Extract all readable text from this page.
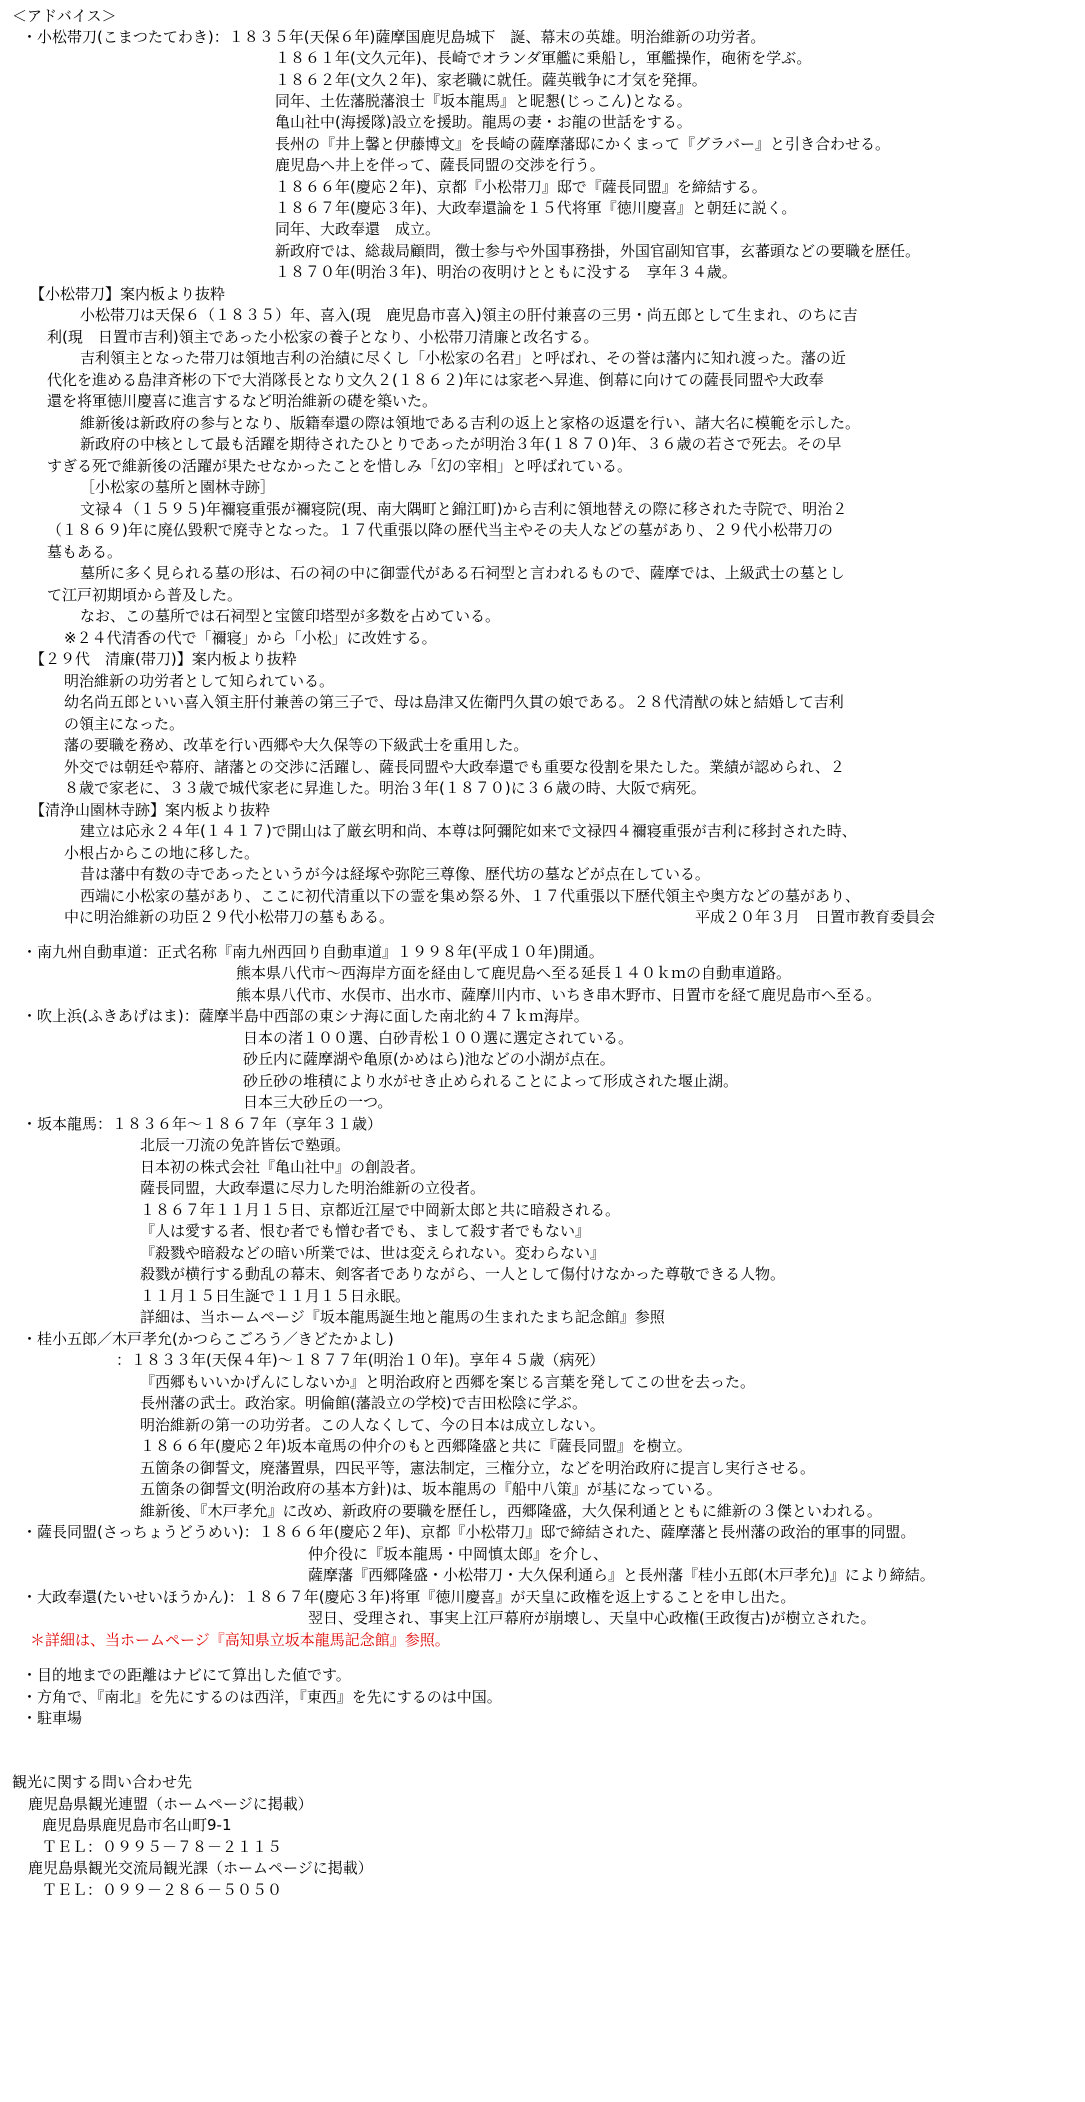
＜アドバイス＞
・小松帯刀(こまつたてわき)：１８３５年(天保６年)薩摩国鹿児島城下　誕、幕末の英雄。明治維新の功労者。
１８６１年(文久元年)、長崎でオランダ軍艦に乗船し，軍艦操作，砲術を学ぶ。
１８６２年(文久２年)、家老職に就任。薩英戦争に才気を発揮。
同年、土佐藩脱藩浪士『坂本龍馬』と昵懇(じっこん)となる。
亀山社中(海援隊)設立を援助。龍馬の妻・お龍の世話をする。
長州の『井上馨と伊藤博文』を長崎の薩摩藩邸にかくまって『グラバー』と引き合わせる。
鹿児島へ井上を伴って、薩長同盟の交渉を行う。
１８６６年(慶応２年)、京都『小松帯刀』邸で『薩長同盟』を締結する。
１８６７年(慶応３年)、大政奉還論を１５代将軍『徳川慶喜』と朝廷に説く。
同年、大政奉還　成立。
新政府では、総裁局顧問，徴士参与や外国事務掛，外国官副知官事，玄蕃頭などの要職を歴任。
１８７０年(明治３年)、明治の夜明けとともに没する　享年３４歳。
【小松帯刀】案内板より抜粋
小松帯刀は天保６（１８３５）年、喜入(現　鹿児島市喜入)領主の肝付兼喜の三男・尚五郎として生まれ、のちに吉
利(現　日置市吉利)領主であった小松家の養子となり、小松帯刀清廉と改名する。
吉利領主となった帯刀は領地吉利の治績に尽くし「小松家の名君」と呼ばれ、その誉は藩内に知れ渡った。藩の近
代化を進める島津斉彬の下で大消隊長となり文久２(１８６２)年には家老へ昇進、倒幕に向けての薩長同盟や大政奉
還を将軍徳川慶喜に進言するなど明治維新の礎を築いた。
維新後は新政府の参与となり、版籍奉還の際は領地である吉利の返上と家格の返還を行い、諸大名に模範を示した。
新政府の中核として最も活躍を期待されたひとりであったが明治３年(１８７０)年、３６歳の若さで死去。その早
すぎる死で維新後の活躍が果たせなかったことを惜しみ「幻の宰相」と呼ばれている。
［小松家の墓所と園林寺跡］
文禄４（１５９５)年禰寝重張が禰寝院(現、南大隅町と錦江町)から吉利に領地替えの際に移された寺院で、明治２
（１８６９)年に廃仏毀釈で廃寺となった。１７代重張以降の歴代当主やその夫人などの墓があり、２９代小松帯刀の
墓もある。
墓所に多く見られる墓の形は、石の祠の中に御霊代がある石祠型と言われるもので、薩摩では、上級武士の墓とし
て江戸初期頃から普及した。
なお、この墓所では石祠型と宝篋印塔型が多数を占めている。
※２４代清香の代で「禰寝」から「小松」に改姓する。
【２９代　清廉(帯刀)】案内板より抜粋
明治維新の功労者として知られている。
幼名尚五郎といい喜入領主肝付兼善の第三子で、母は島津又佐衛門久貫の娘である。２８代清猷の妹と結婚して吉利
の領主になった。
藩の要職を務め、改革を行い西郷や大久保等の下級武士を重用した。
外交では朝廷や幕府、諸藩との交渉に活躍し、薩長同盟や大政奉還でも重要な役割を果たした。業績が認められ、２
８歳で家老に、３３歳で城代家老に昇進した。明治３年(１８７０)に３６歳の時、大阪で病死。
【清浄山園林寺跡】案内板より抜粋
建立は応永２４年(１４１７)で開山は了厳玄明和尚、本尊は阿彌陀如来で文禄四４禰寝重張が吉利に移封された時、
小根占からこの地に移した。
昔は藩中有数の寺であったというが今は経塚や弥陀三尊像、歴代坊の墓などが点在している。
西端に小松家の墓があり、ここに初代清重以下の霊を集め祭る外、１７代重張以下歴代領主や奥方などの墓があり、
中に明治維新の功臣２９代小松帯刀の墓もある。	平成２０年３月　日置市教育委員会
・南九州自動車道：正式名称『南九州西回り自動車道』１９９８年(平成１０年)開通。
熊本県八代市～西海岸方面を経由して鹿児島へ至る延長１４０ｋｍの自動車道路。
熊本県八代市、水俣市、出水市、薩摩川内市、いちき串木野市、日置市を経て鹿児島市へ至る。
・吹上浜(ふきあげはま)：薩摩半島中西部の東シナ海に面した南北約４７ｋｍ海岸。
日本の渚１００選、白砂青松１００選に選定されている。
砂丘内に薩摩湖や亀原(かめはら)池などの小湖が点在。
砂丘砂の堆積により水がせき止められることによって形成された堰止湖。
日本三大砂丘の一つ。
・坂本龍馬：１８３６年～１８６７年（享年３１歳）
北辰一刀流の免許皆伝で塾頭。
日本初の株式会社『亀山社中』の創設者。
薩長同盟，大政奉還に尽力した明治維新の立役者。
１８６７年１１月１５日、京都近江屋で中岡新太郎と共に暗殺される。
『人は愛する者、恨む者でも憎む者でも、まして殺す者でもない』
『殺戮や暗殺などの暗い所業では、世は変えられない。変わらない』
殺戮が横行する動乱の幕末、剣客者でありながら、一人として傷付けなかった尊敬できる人物。
１１月１５日生誕で１１月１５日永眠。
詳細は、当ホームページ『坂本龍馬誕生地と龍馬の生まれたまち記念館』参照
・桂小五郎／木戸孝允(かつらこごろう／きどたかよし)
：１８３３年(天保４年)～１８７７年(明治１０年)。享年４５歳（病死）
『西郷もいいかげんにしないか』と明治政府と西郷を案じる言葉を発してこの世を去った。
長州藩の武士。政治家。明倫館(藩設立の学校)で吉田松陰に学ぶ。
明治維新の第一の功労者。この人なくして、今の日本は成立しない。
１８６６年(慶応２年)坂本竜馬の仲介のもと西郷隆盛と共に『薩長同盟』を樹立。
五箇条の御誓文，廃藩置県，四民平等，憲法制定，三権分立，などを明治政府に提言し実行させる。
五箇条の御誓文(明治政府の基本方針)は、坂本龍馬の『船中八策』が基になっている。
維新後、『木戸孝允』に改め、新政府の要職を歴任し，西郷隆盛，大久保利通とともに維新の３傑といわれる。
・薩長同盟(さっちょうどうめい)：１８６６年(慶応２年)、京都『小松帯刀』邸で締結された、薩摩藩と長州藩の政治的軍事的同盟。
仲介役に『坂本龍馬・中岡慎太郎』を介し、
薩摩藩『西郷隆盛・小松帯刀・大久保利通ら』と長州藩『桂小五郎(木戸孝允)』により締結。
・大政奉還(たいせいほうかん)：１８６７年(慶応３年)将軍『徳川慶喜』が天皇に政権を返上することを申し出た。
翌日、受理され、事実上江戸幕府が崩壊し、天皇中心政権(王政復古)が樹立された。
＊詳細は、当ホームページ『高知県立坂本龍馬記念館』参照。
・目的地までの距離はナビにて算出した値です。
・方角で、『南北』を先にするのは西洋，『東西』を先にするのは中国。
・駐車場
観光に関する問い合わせ先
鹿児島県観光連盟（ホームページに掲載）
鹿児島県鹿児島市名山町9-1
ＴＥＬ：０９９５－７８－２１１５
鹿児島県観光交流局観光課（ホームページに掲載）
ＴＥＬ：０９９－２８６－５０５０
